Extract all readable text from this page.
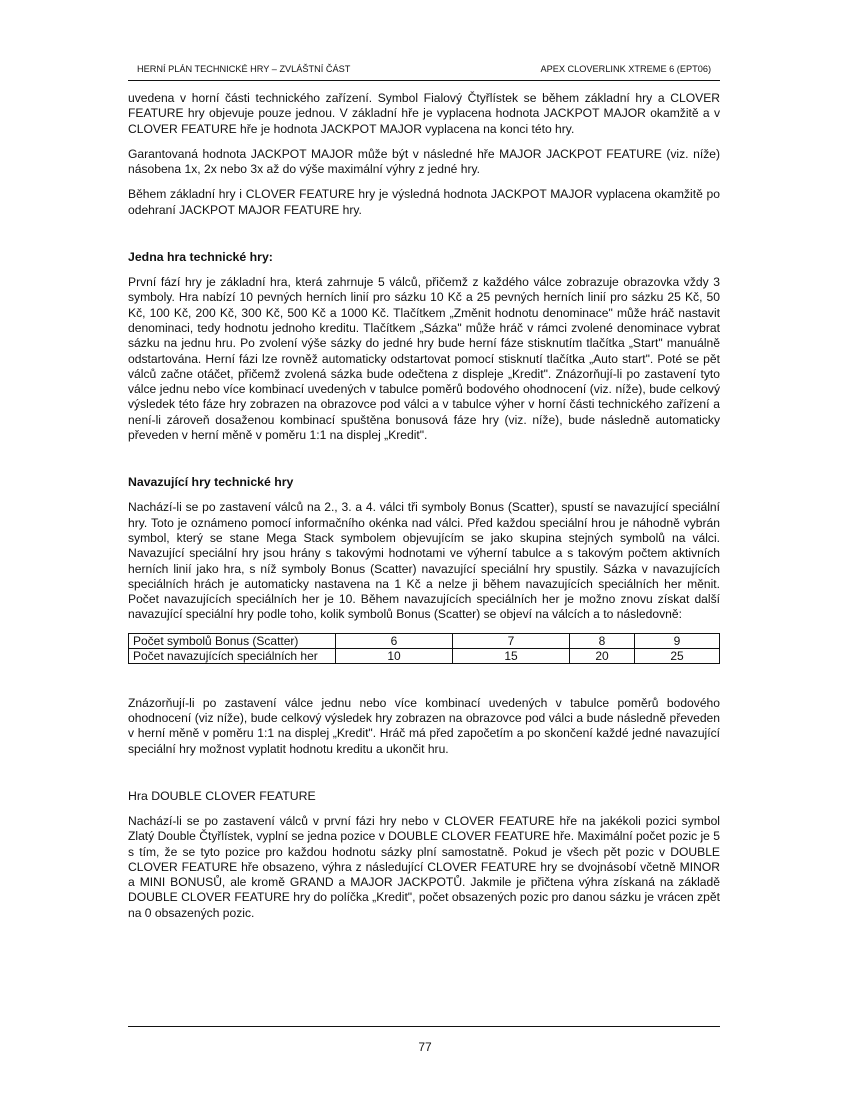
HERNÍ PLÁN TECHNICKÉ HRY – ZVLÁŠTNÍ ČÁST	APEX CLOVERLINK XTREME 6 (EPT06)

uvedena v horní části technického zařízení. Symbol Fialový Čtyřlístek se během základní hry a CLOVER FEATURE hry objevuje pouze jednou. V základní hře je vyplacena hodnota JACKPOT MAJOR okamžitě a v CLOVER FEATURE hře je hodnota JACKPOT MAJOR vyplacena na konci této hry.

Garantovaná hodnota JACKPOT MAJOR může být v následné hře MAJOR JACKPOT FEATURE (viz. níže) násobena 1x, 2x nebo 3x až do výše maximální výhry z jedné hry.

Během základní hry i CLOVER FEATURE hry je výsledná hodnota JACKPOT MAJOR vyplacena okamžitě po odehraní JACKPOT MAJOR FEATURE hry.

Jedna hra technické hry:

První fází hry je základní hra, která zahrnuje 5 válců, přičemž z každého válce zobrazuje obrazovka vždy 3 symboly. Hra nabízí 10 pevných herních linií pro sázku 10 Kč a 25 pevných herních linií pro sázku 25 Kč, 50 Kč, 100 Kč, 200 Kč, 300 Kč, 500 Kč a 1000 Kč. Tlačítkem „Změnit hodnotu denominace" může hráč nastavit denominaci, tedy hodnotu jednoho kreditu. Tlačítkem „Sázka" může hráč v rámci zvolené denominace vybrat sázku na jednu hru. Po zvolení výše sázky do jedné hry bude herní fáze stisknutím tlačítka „Start" manuálně odstartována. Herní fázi lze rovněž automaticky odstartovat pomocí stisknutí tlačítka „Auto start". Poté se pět válců začne otáčet, přičemž zvolená sázka bude odečtena z displeje „Kredit". Znázorňují-li po zastavení tyto válce jednu nebo více kombinací uvedených v tabulce poměrů bodového ohodnocení (viz. níže), bude celkový výsledek této fáze hry zobrazen na obrazovce pod válci a v tabulce výher v horní části technického zařízení a není-li zároveň dosaženou kombinací spuštěna bonusová fáze hry (viz. níže), bude následně automaticky převeden v herní měně v poměru 1:1 na displej „Kredit".

Navazující hry technické hry

Nachází-li se po zastavení válců na 2., 3. a 4. válci tři symboly Bonus (Scatter), spustí se navazující speciální hry. Toto je oznámeno pomocí informačního okénka nad válci. Před každou speciální hrou je náhodně vybrán symbol, který se stane Mega Stack symbolem objevujícím se jako skupina stejných symbolů na válci. Navazující speciální hry jsou hrány s takovými hodnotami ve výherní tabulce a s takovým počtem aktivních herních linií jako hra, s níž symboly Bonus (Scatter) navazující speciální hry spustily. Sázka v navazujících speciálních hrách je automaticky nastavena na 1 Kč a nelze ji během navazujících speciálních her měnit. Počet navazujících speciálních her je 10. Během navazujících speciálních her je možno znovu získat další navazující speciální hry podle toho, kolik symbolů Bonus (Scatter) se objeví na válcích a to následovně:

Počet symbolů Bonus (Scatter)	6	7	8	9
Počet navazujících speciálních her	10	15	20	25

Znázorňují-li po zastavení válce jednu nebo více kombinací uvedených v tabulce poměrů bodového ohodnocení (viz níže), bude celkový výsledek hry zobrazen na obrazovce pod válci a bude následně převeden v herní měně v poměru 1:1 na displej „Kredit". Hráč má před započetím a po skončení každé jedné navazující speciální hry možnost vyplatit hodnotu kreditu a ukončit hru.

Hra DOUBLE CLOVER FEATURE

Nachází-li se po zastavení válců v první fázi hry nebo v CLOVER FEATURE hře na jakékoli pozici symbol Zlatý Double Čtyřlístek, vyplní se jedna pozice v DOUBLE CLOVER FEATURE hře. Maximální počet pozic je 5 s tím, že se tyto pozice pro každou hodnotu sázky plní samostatně. Pokud je všech pět pozic v DOUBLE CLOVER FEATURE hře obsazeno, výhra z následující CLOVER FEATURE hry se dvojnásobí včetně MINOR a MINI BONUSŮ, ale kromě GRAND a MAJOR JACKPOTŮ. Jakmile je přičtena výhra získaná na základě DOUBLE CLOVER FEATURE hry do políčka „Kredit", počet obsazených pozic pro danou sázku je vrácen zpět na 0 obsazených pozic.

77
